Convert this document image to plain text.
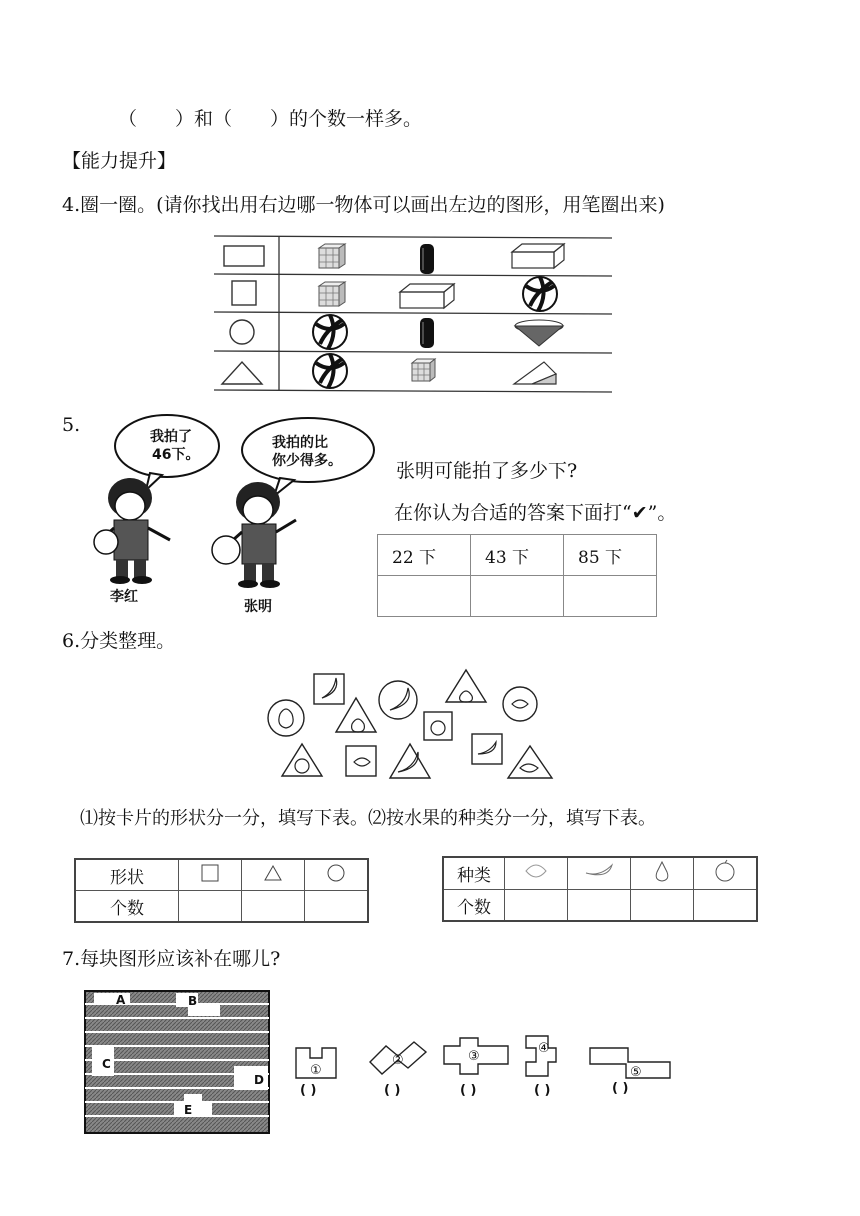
（　　）和（　　）的个数一样多。
【能力提升】
4.圈一圈。(请你找出用右边哪一物体可以画出左边的图形，用笔圈出来)
5.
我拍了
46下。
我拍的比
你少得多。
李红
张明
张明可能拍了多少下?
在你认为合适的答案下面打“✔”。
22 下	43 下	85 下

6.分类整理。
⑴按卡片的形状分一分，填写下表。⑵按水果的种类分一分，填写下表。
形状			
个数			
种类				
个数				
7.每块图形应该补在哪儿?
A	B
C
D
E
①
②	③
④
⑤
( )	( )	( )	( )	( )
